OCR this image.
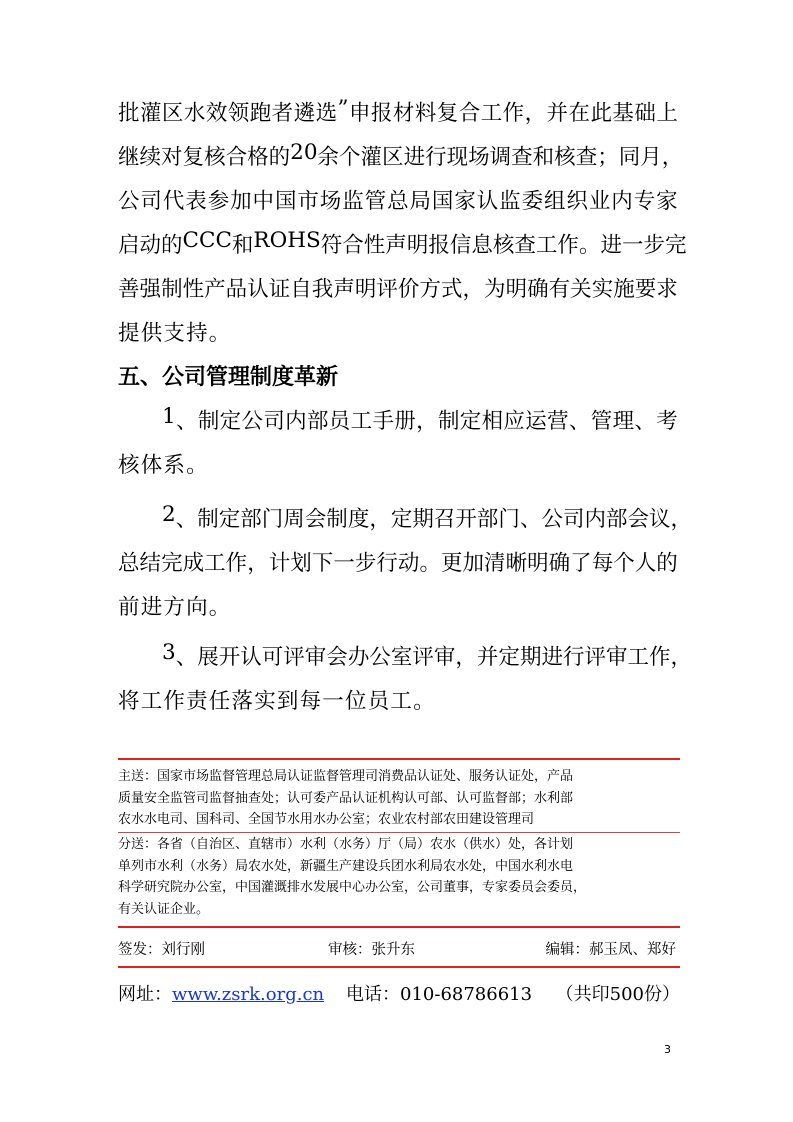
批 灌 区 水 效 领 跑 者 遴 选 ” 申 报 材 料 复 合 工 作 ， 并 在 此 基 础 上
继 续 对 复 核 合 格 的 2 0 余 个 灌 区 进 行 现 场 调 查 和 核 查 ； 同 月 ，
公 司 代 表 参 加 中 国 市 场 监 管 总 局 国 家 认 监 委 组 织 业 内 专 家
启 动 的 C C C 和 R O H S 符 合 性 声 明 报 信 息 核 查 工 作 。 进 一 步 完
善 强 制 性 产 品 认 证 自 我 声 明 评 价 方 式 ， 为 明 确 有 关 实 施 要 求
提供支持。
五、公司管理制度革新
1 、 制 定 公 司 内 部 员 工 手 册 ， 制 定 相 应 运 营 、 管 理 、 考
核体系。
2 、 制 定 部 门 周 会 制 度 ， 定 期 召 开 部 门 、 公 司 内 部 会 议 ，
总 结 完 成 工 作 ， 计 划 下 一 步 行 动 。 更 加 清 晰 明 确 了 每 个 人 的
前进方向。
3 、 展 开 认 可 评 审 会 办 公 室 评 审 ， 并 定 期 进 行 评 审 工 作 ，
将工作责任落实到每一位员工。
主送：国家市场监督管理总局认证监督管理司消费品认证处、服务认证处，产品
质量安全监管司监督抽查处；认可委产品认证机构认可部、认可监督部；水利部
农水水电司、国科司、全国节水用水办公室；农业农村部农田建设管理司
分送：各省（自治区、直辖市）水利（水务）厅（局）农水（供水）处，各计划
单列市水利（水务）局农水处，新疆生产建设兵团水利局农水处，中国水利水电
科学研究院办公室，中国灌溉排水发展中心办公室，公司董事，专家委员会委员，
有关认证企业。
签发：刘行刚	审核：张升东	编辑：郝玉凤、郑好
网址：www.zsrk.org.cn 电话：010-68786613 （共印500份）
3
